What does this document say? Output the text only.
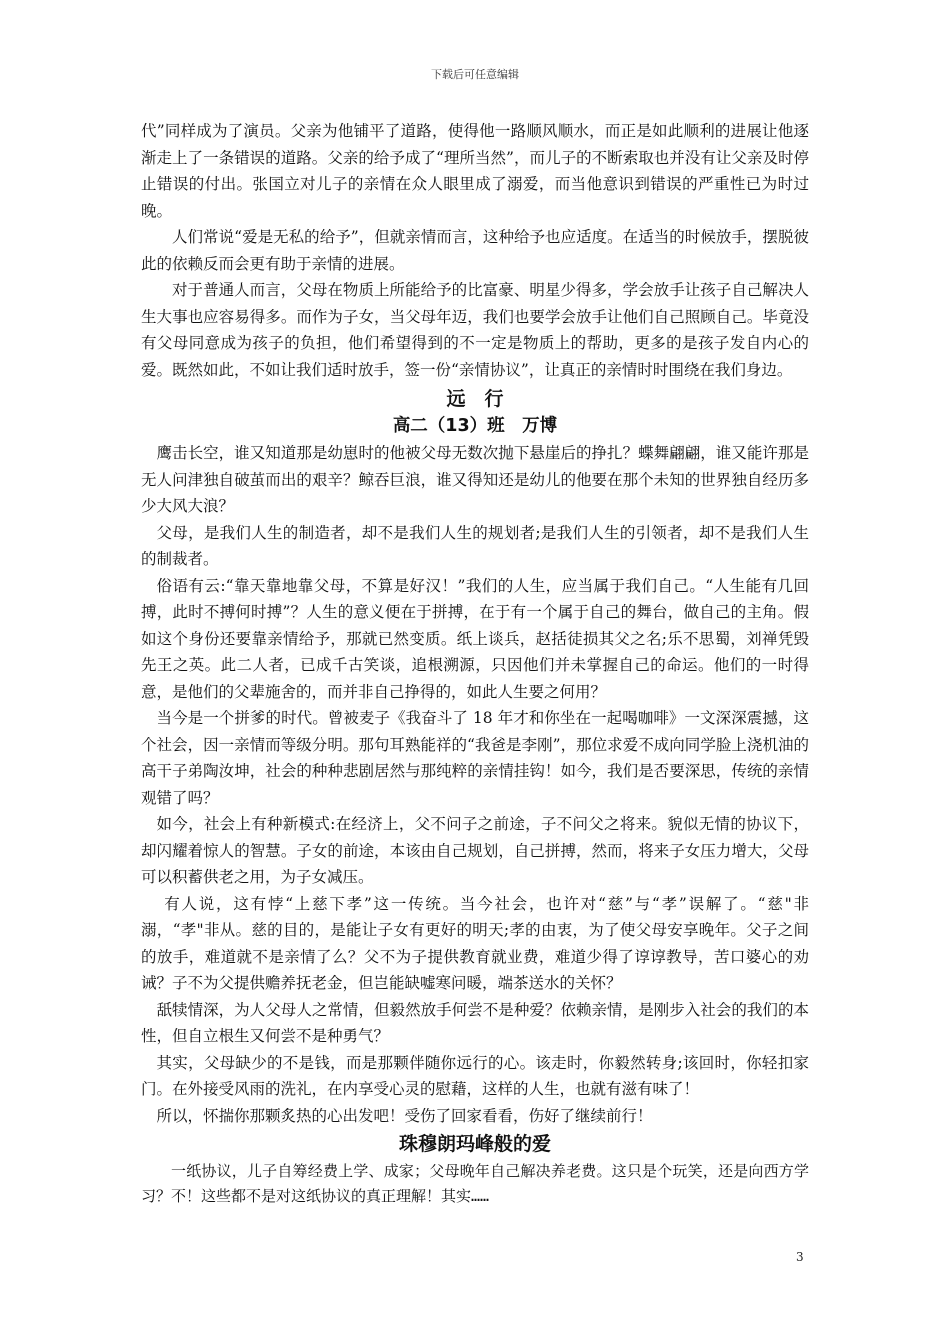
下载后可任意编辑

代”同样成为了演员。父亲为他铺平了道路，使得他一路顺风顺水，而正是如此顺利的进展让他逐渐走上了一条错误的道路。父亲的给予成了“理所当然”，而儿子的不断索取也并没有让父亲及时停止错误的付出。张国立对儿子的亲情在众人眼里成了溺爱，而当他意识到错误的严重性已为时过晚。

人们常说“爱是无私的给予”，但就亲情而言，这种给予也应适度。在适当的时候放手，摆脱彼此的依赖反而会更有助于亲情的进展。

对于普通人而言，父母在物质上所能给予的比富豪、明星少得多，学会放手让孩子自己解决人生大事也应容易得多。而作为子女，当父母年迈，我们也要学会放手让他们自己照顾自己。毕竟没有父母同意成为孩子的负担，他们希望得到的不一定是物质上的帮助，更多的是孩子发自内心的爱。既然如此，不如让我们适时放手，签一份“亲情协议”，让真正的亲情时时围绕在我们身边。

远　行
高二（13）班　万博

鹰击长空，谁又知道那是幼崽时的他被父母无数次抛下悬崖后的挣扎？蝶舞翩翩，谁又能许那是无人问津独自破茧而出的艰辛？鲸吞巨浪，谁又得知还是幼儿的他要在那个未知的世界独自经历多少大风大浪？

父母，是我们人生的制造者，却不是我们人生的规划者;是我们人生的引领者，却不是我们人生的制裁者。

俗语有云:“靠天靠地靠父母，不算是好汉！”我们的人生，应当属于我们自己。“人生能有几回搏，此时不搏何时搏”？人生的意义便在于拼搏，在于有一个属于自己的舞台，做自己的主角。假如这个身份还要靠亲情给予，那就已然变质。纸上谈兵，赵括徒损其父之名;乐不思蜀，刘禅凭毁先王之英。此二人者，已成千古笑谈，追根溯源，只因他们并未掌握自己的命运。他们的一时得意，是他们的父辈施舍的，而并非自己挣得的，如此人生要之何用？

当今是一个拼爹的时代。曾被麦子《我奋斗了 18 年才和你坐在一起喝咖啡》一文深深震撼，这个社会，因一亲情而等级分明。那句耳熟能祥的“我爸是李刚”，那位求爱不成向同学脸上浇机油的高干子弟陶汝坤，社会的种种悲剧居然与那纯粹的亲情挂钩！如今，我们是否要深思，传统的亲情观错了吗？

如今，社会上有种新模式:在经济上，父不问子之前途，子不问父之将来。貌似无情的协议下，却闪耀着惊人的智慧。子女的前途，本该由自己规划，自己拼搏，然而，将来子女压力增大，父母可以积蓄供老之用，为子女减压。

有人说，这有悖“上慈下孝”这一传统。当今社会，也许对“慈”与“孝”误解了。“慈"非溺，“孝"非从。慈的目的，是能让子女有更好的明天;孝的由衷，为了使父母安享晚年。父子之间的放手，难道就不是亲情了么？父不为子提供教育就业费，难道少得了谆谆教导，苦口婆心的劝诫？子不为父提供赡养抚老金，但岂能缺嘘寒问暖，端茶送水的关怀？

舐犊情深，为人父母人之常情，但毅然放手何尝不是种爱？依赖亲情，是刚步入社会的我们的本性，但自立根生又何尝不是种勇气？

其实，父母缺少的不是钱，而是那颗伴随你远行的心。该走时，你毅然转身;该回时，你轻扣家门。在外接受风雨的洗礼，在内享受心灵的慰藉，这样的人生，也就有滋有味了！

所以，怀揣你那颗炙热的心出发吧！受伤了回家看看，伤好了继续前行！

珠穆朗玛峰般的爱

一纸协议，儿子自筹经费上学、成家；父母晚年自己解决养老费。这只是个玩笑，还是向西方学习？不！这些都不是对这纸协议的真正理解！其实……

3
